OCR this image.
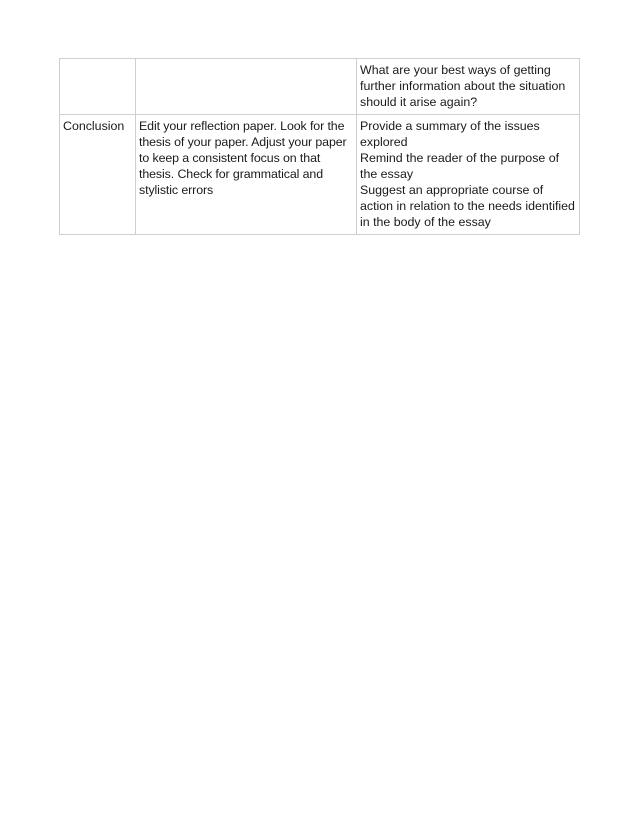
		What are your best ways of getting further information about the situation should it arise again?

Conclusion	Edit your reflection paper. Look for the thesis of your paper. Adjust your paper to keep a consistent focus on that thesis. Check for grammatical and stylistic errors	Provide a summary of the issues explored
Remind the reader of the purpose of the essay
Suggest an appropriate course of action in relation to the needs identified in the body of the essay
